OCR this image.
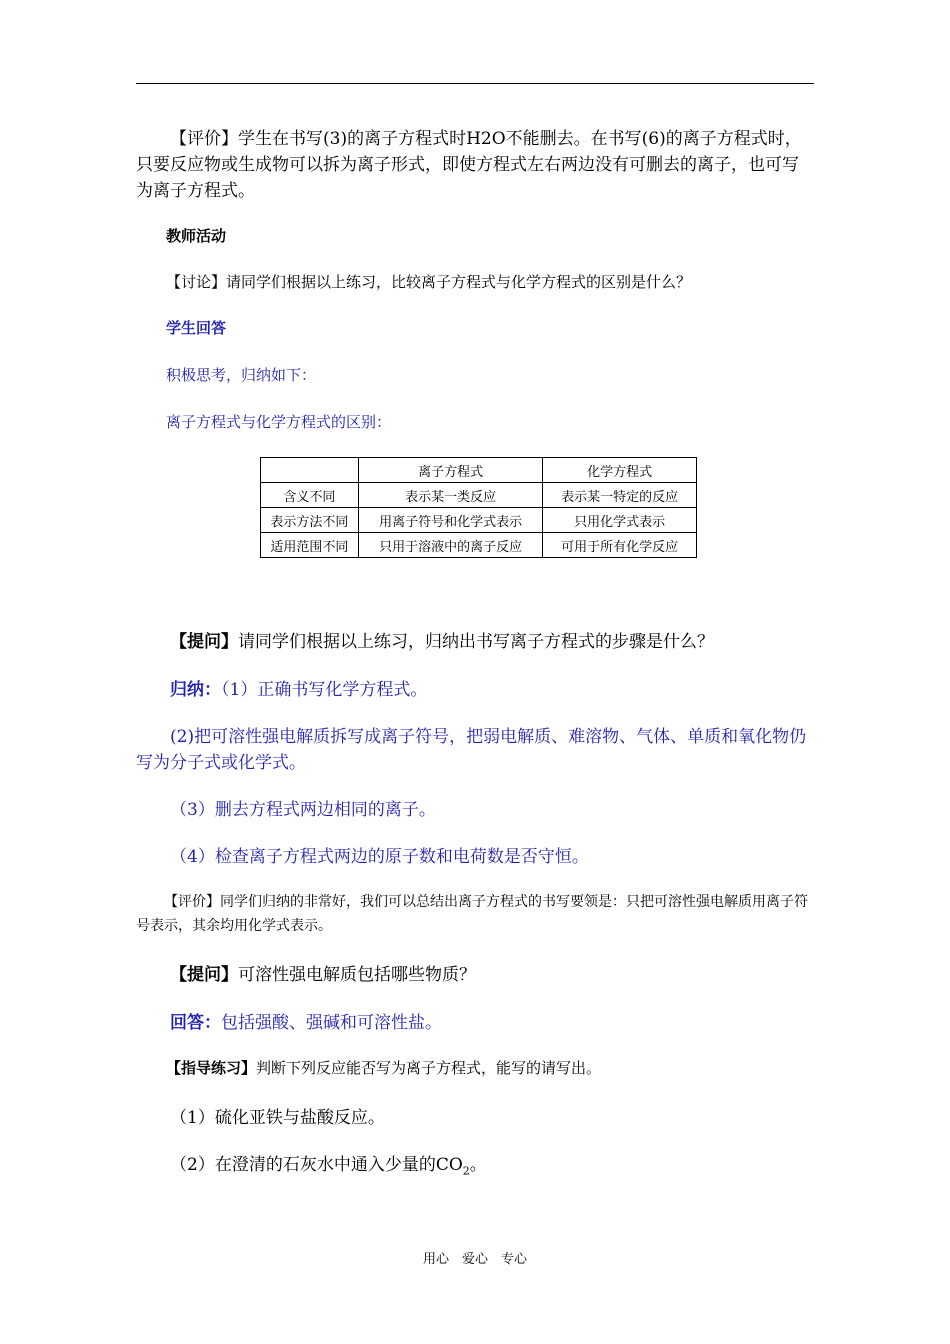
【评价】学生在书写(3)的离子方程式时H2O不能删去。在书写(6)的离子方程式时，只要反应物或生成物可以拆为离子形式，即使方程式左右两边没有可删去的离子，也可写为离子方程式。

教师活动

【讨论】请同学们根据以上练习，比较离子方程式与化学方程式的区别是什么？

学生回答

积极思考，归纳如下：

离子方程式与化学方程式的区别：

	离子方程式	化学方程式
含义不同	表示某一类反应	表示某一特定的反应
表示方法不同	用离子符号和化学式表示	只用化学式表示
适用范围不同	只用于溶液中的离子反应	可用于所有化学反应

【提问】请同学们根据以上练习，归纳出书写离子方程式的步骤是什么？

归纳：（1）正确书写化学方程式。

(2)把可溶性强电解质拆写成离子符号，把弱电解质、难溶物、气体、单质和氧化物仍写为分子式或化学式。

（3）删去方程式两边相同的离子。

（4）检查离子方程式两边的原子数和电荷数是否守恒。

【评价】同学们归纳的非常好，我们可以总结出离子方程式的书写要领是：只把可溶性强电解质用离子符号表示，其余均用化学式表示。

【提问】可溶性强电解质包括哪些物质？

回答：包括强酸、强碱和可溶性盐。

【指导练习】判断下列反应能否写为离子方程式，能写的请写出。

（1）硫化亚铁与盐酸反应。

（2）在澄清的石灰水中通入少量的$CO_2$。

用心　爱心　专心
